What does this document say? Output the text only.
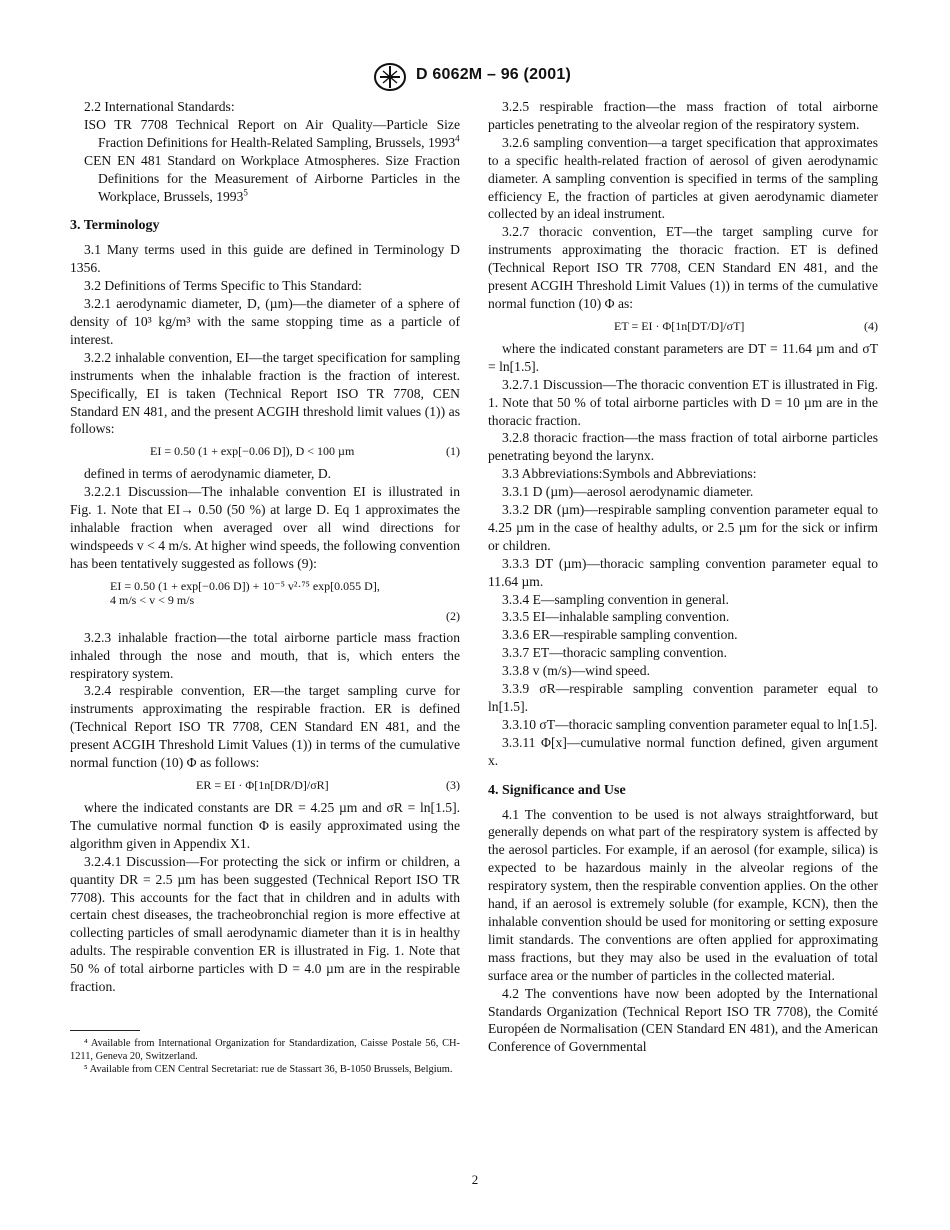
D 6062M – 96 (2001)

2.2 International Standards:

ISO TR 7708 Technical Report on Air Quality—Particle Size Fraction Definitions for Health-Related Sampling, Brussels, 1993$^4$

CEN EN 481 Standard on Workplace Atmospheres. Size Fraction Definitions for the Measurement of Airborne Particles in the Workplace, Brussels, 1993$^5$

3. Terminology

3.1 Many terms used in this guide are defined in Terminology D 1356.

3.2 Definitions of Terms Specific to This Standard:

3.2.1 aerodynamic diameter, D, (µm)—the diameter of a sphere of density of 10³ kg/m³ with the same stopping time as a particle of interest.

3.2.2 inhalable convention, EI—the target specification for sampling instruments when the inhalable fraction is the fraction of interest. Specifically, EI is taken (Technical Report ISO TR 7708, CEN Standard EN 481, and the present ACGIH threshold limit values (1)) as follows:

EI = 0.50 (1 + exp[−0.06 D]), D < 100 µm	(1)

defined in terms of aerodynamic diameter, D.

3.2.2.1 Discussion—The inhalable convention EI is illustrated in Fig. 1. Note that EI→ 0.50 (50 %) at large D. Eq 1 approximates the inhalable fraction when averaged over all wind directions for windspeeds v < 4 m/s. At higher wind speeds, the following convention has been tentatively suggested as follows (9):

EI = 0.50 (1 + exp[−0.06 D]) + 10⁻⁵ v²·⁷⁵ exp[0.055 D],
4 m/s < v < 9 m/s
(2)

3.2.3 inhalable fraction—the total airborne particle mass fraction inhaled through the nose and mouth, that is, which enters the respiratory system.

3.2.4 respirable convention, ER—the target sampling curve for instruments approximating the respirable fraction. ER is defined (Technical Report ISO TR 7708, CEN Standard EN 481, and the present ACGIH Threshold Limit Values (1)) in terms of the cumulative normal function (10) Φ as follows:

ER = EI · Φ[1n[DR/D]/σR]	(3)

where the indicated constants are DR = 4.25 µm and σR = ln[1.5]. The cumulative normal function Φ is easily approximated using the algorithm given in Appendix X1.

3.2.4.1 Discussion—For protecting the sick or infirm or children, a quantity DR = 2.5 µm has been suggested (Technical Report ISO TR 7708). This accounts for the fact that in children and in adults with certain chest diseases, the tracheobronchial region is more effective at collecting particles of small aerodynamic diameter than it is in healthy adults. The respirable convention ER is illustrated in Fig. 1. Note that 50 % of total airborne particles with D = 4.0 µm are in the respirable fraction.

⁴ Available from International Organization for Standardization, Caisse Postale 56, CH-1211, Geneva 20, Switzerland.

⁵ Available from CEN Central Secretariat: rue de Stassart 36, B-1050 Brussels, Belgium.

3.2.5 respirable fraction—the mass fraction of total airborne particles penetrating to the alveolar region of the respiratory system.

3.2.6 sampling convention—a target specification that approximates to a specific health-related fraction of aerosol of given aerodynamic diameter. A sampling convention is specified in terms of the sampling efficiency E, the fraction of particles at given aerodynamic diameter collected by an ideal instrument.

3.2.7 thoracic convention, ET—the target sampling curve for instruments approximating the thoracic fraction. ET is defined (Technical Report ISO TR 7708, CEN Standard EN 481, and the present ACGIH Threshold Limit Values (1)) in terms of the cumulative normal function (10) Φ as:

ET = EI · Φ[1n[DT/D]/σT]	(4)

where the indicated constant parameters are DT = 11.64 µm and σT = ln[1.5].

3.2.7.1 Discussion—The thoracic convention ET is illustrated in Fig. 1. Note that 50 % of total airborne particles with D = 10 µm are in the thoracic fraction.

3.2.8 thoracic fraction—the mass fraction of total airborne particles penetrating beyond the larynx.

3.3 Abbreviations:Symbols and Abbreviations:

3.3.1 D (µm)—aerosol aerodynamic diameter.

3.3.2 DR (µm)—respirable sampling convention parameter equal to 4.25 µm in the case of healthy adults, or 2.5 µm for the sick or infirm or children.

3.3.3 DT (µm)—thoracic sampling convention parameter equal to 11.64 µm.

3.3.4 E—sampling convention in general.

3.3.5 EI—inhalable sampling convention.

3.3.6 ER—respirable sampling convention.

3.3.7 ET—thoracic sampling convention.

3.3.8 v (m/s)—wind speed.

3.3.9 σR—respirable sampling convention parameter equal to ln[1.5].

3.3.10 σT—thoracic sampling convention parameter equal to ln[1.5].

3.3.11 Φ[x]—cumulative normal function defined, given argument x.

4. Significance and Use

4.1 The convention to be used is not always straightforward, but generally depends on what part of the respiratory system is affected by the aerosol particles. For example, if an aerosol (for example, silica) is expected to be hazardous mainly in the alveolar regions of the respiratory system, then the respirable convention applies. On the other hand, if an aerosol is extremely soluble (for example, KCN), then the inhalable convention should be used for monitoring or setting exposure limit standards. The conventions are often applied for approximating mass fractions, but they may also be used in the evaluation of total surface area or the number of particles in the collected material.

4.2 The conventions have now been adopted by the International Standards Organization (Technical Report ISO TR 7708), the Comité Européen de Normalisation (CEN Standard EN 481), and the American Conference of Governmental

2
